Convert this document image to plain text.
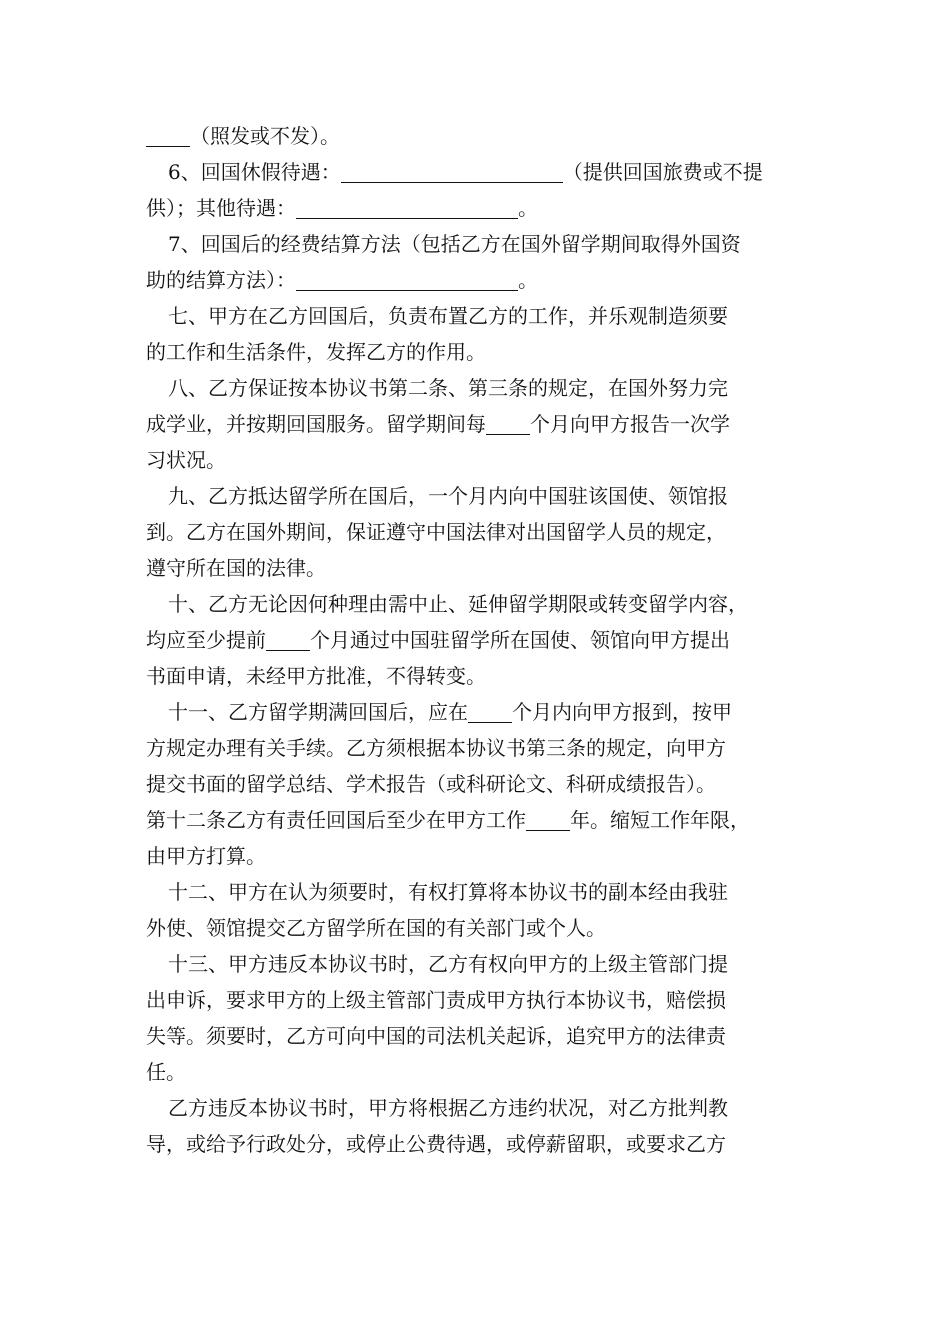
（照发或不发）。

6、回国休假待遇：	（提供回国旅费或不提
供）；其他待遇：	。

7、回国后的经费结算方法（包括乙方在国外留学期间取得外国资
助的结算方法）：	。

七、甲方在乙方回国后，负责布置乙方的工作，并乐观制造须要
的工作和生活条件，发挥乙方的作用。

八、乙方保证按本协议书第二条、第三条的规定，在国外努力完
成学业，并按期回国服务。留学期间每 个月向甲方报告一次学
习状况。

九、乙方抵达留学所在国后，一个月内向中国驻该国使、领馆报
到。乙方在国外期间，保证遵守中国法律对出国留学人员的规定，
遵守所在国的法律。

十、乙方无论因何种理由需中止、延伸留学期限或转变留学内容，
均应至少提前 个月通过中国驻留学所在国使、领馆向甲方提出
书面申请，未经甲方批准，不得转变。

十一、乙方留学期满回国后，应在 个月内向甲方报到，按甲
方规定办理有关手续。乙方须根据本协议书第三条的规定，向甲方
提交书面的留学总结、学术报告（或科研论文、科研成绩报告）。
第十二条乙方有责任回国后至少在甲方工作 年。缩短工作年限，
由甲方打算。

十二、甲方在认为须要时，有权打算将本协议书的副本经由我驻
外使、领馆提交乙方留学所在国的有关部门或个人。

十三、甲方违反本协议书时，乙方有权向甲方的上级主管部门提
出申诉，要求甲方的上级主管部门责成甲方执行本协议书，赔偿损
失等。须要时，乙方可向中国的司法机关起诉，追究甲方的法律责
任。

乙方违反本协议书时，甲方将根据乙方违约状况，对乙方批判教
导，或给予行政处分，或停止公费待遇，或停薪留职，或要求乙方
